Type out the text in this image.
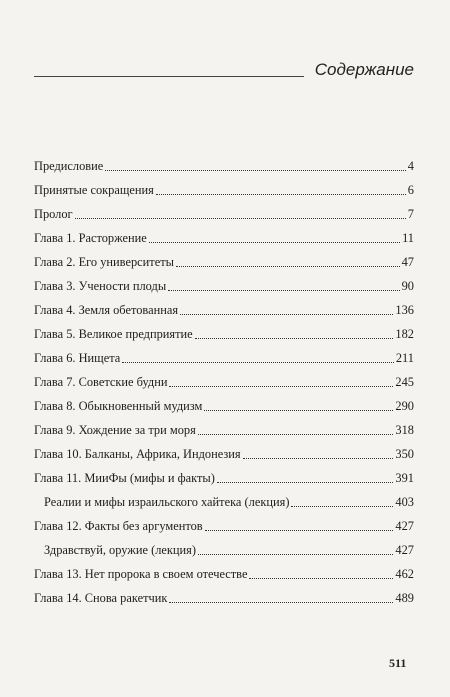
Содержание
Предисловие	4
Принятые сокращения	6
Пролог	7
Глава 1. Расторжение	11
Глава 2. Его университеты	47
Глава 3. Учености плоды	90
Глава 4. Земля обетованная	136
Глава 5. Великое предприятие	182
Глава 6. Нищета	211
Глава 7. Советские будни	245
Глава 8. Обыкновенный мудизм	290
Глава 9. Хождение за три моря	318
Глава 10. Балканы, Африка, Индонезия	350
Глава 11. МииФы (мифы и факты)	391
Реалии и мифы израильского хайтека (лекция)	403
Глава 12. Факты без аргументов	427
Здравствуй, оружие (лекция)	427
Глава 13. Нет пророка в своем отечестве	462
Глава 14. Снова ракетчик	489
511
